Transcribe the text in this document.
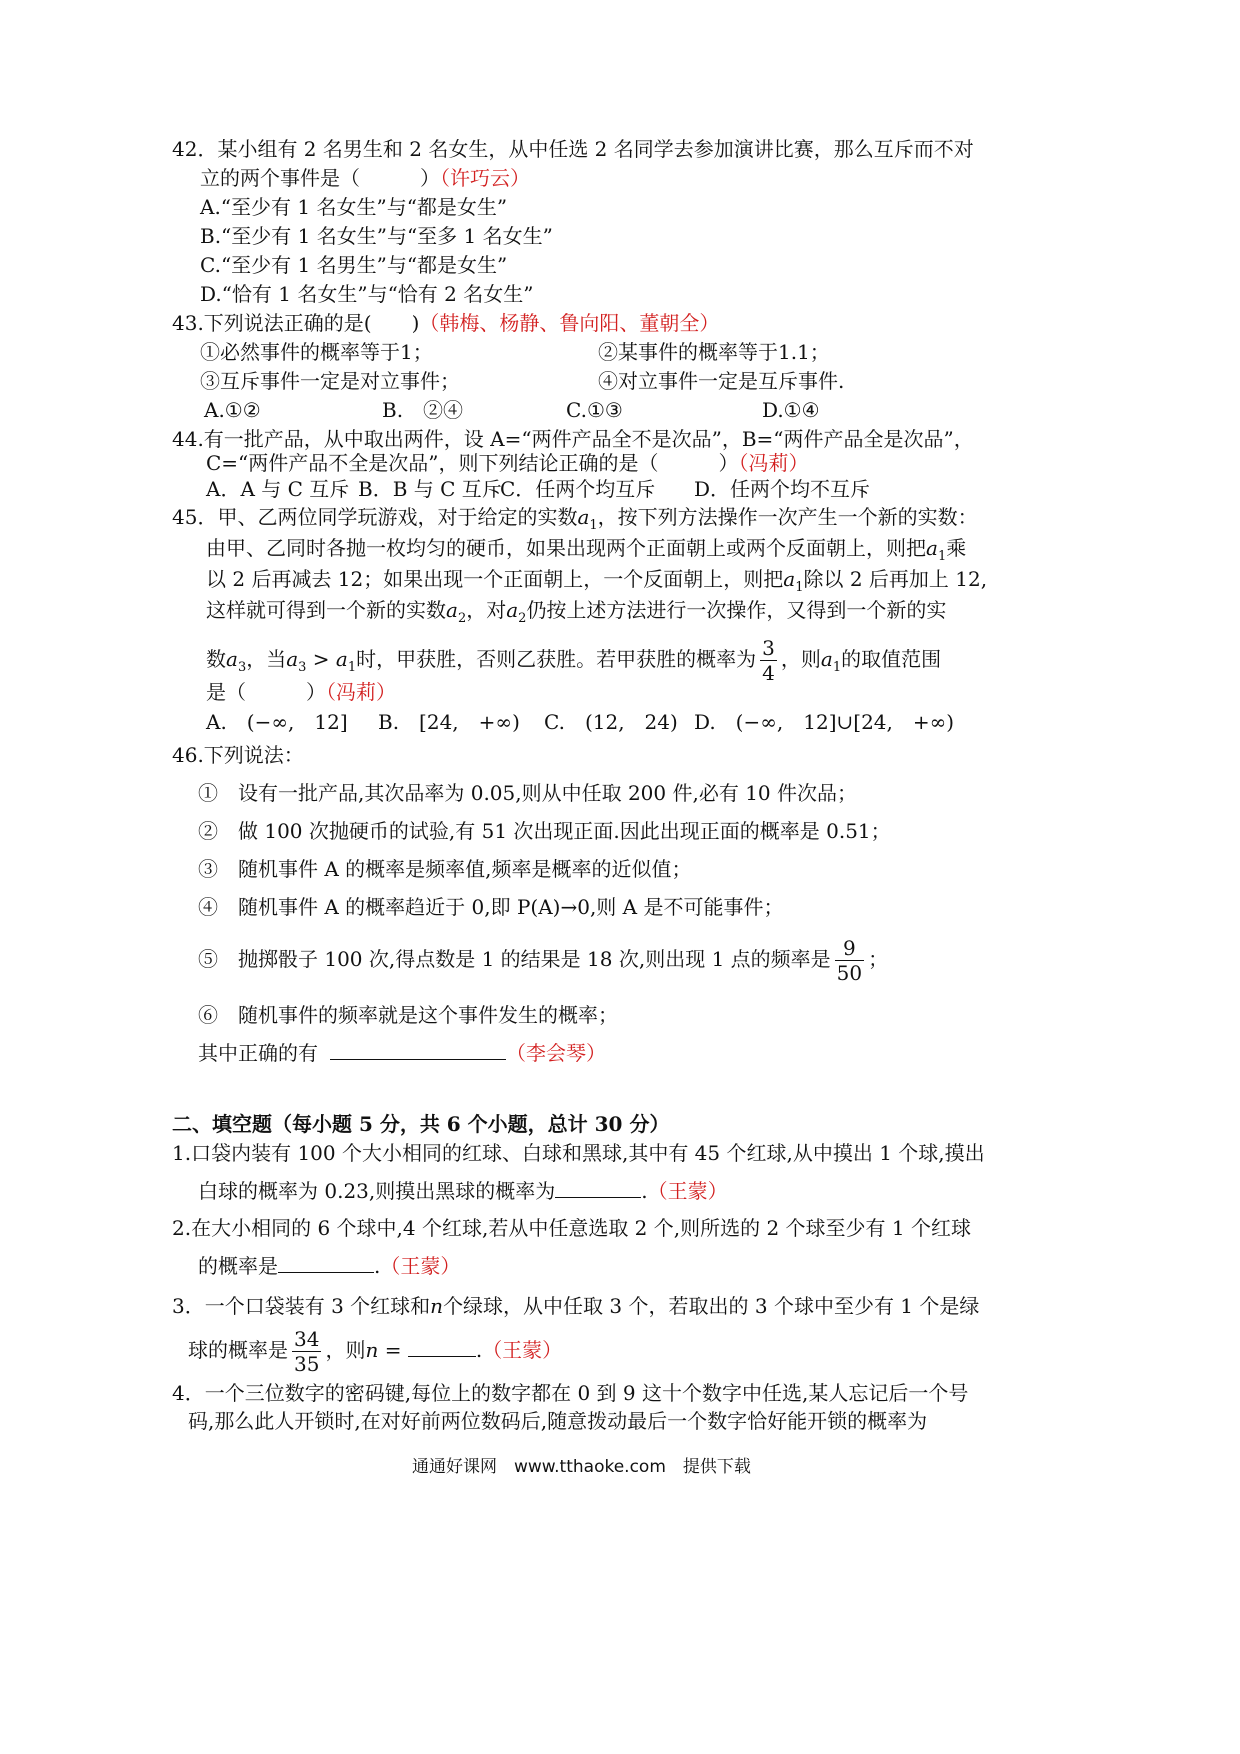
42．某小组有 2 名男生和 2 名女生，从中任选 2 名同学去参加演讲比赛，那么互斥而不对
立的两个事件是（　　　）（许巧云）
A.“至少有 1 名女生”与“都是女生”
B.“至少有 1 名女生”与“至多 1 名女生”
C.“至少有 1 名男生”与“都是女生”
D.“恰有 1 名女生”与“恰有 2 名女生”
43.下列说法正确的是(　　)（韩梅、杨静、鲁向阳、董朝全）
①必然事件的概率等于1；	②某事件的概率等于1.1；
③互斥事件一定是对立事件；	④对立事件一定是互斥事件.
A.①②	B.　②④	C.①③	D.①④
44.有一批产品，从中取出两件，设 A=“两件产品全不是次品”，B=“两件产品全是次品”，
C=“两件产品不全是次品”，则下列结论正确的是（　　　）（冯莉）
A．A 与 C 互斥 B．B 与 C 互斥
C．任两个均互斥 D．任两个均不互斥
45．甲、乙两位同学玩游戏，对于给定的实数$a_1$，按下列方法操作一次产生一个新的实数：
由甲、乙同时各抛一枚均匀的硬币，如果出现两个正面朝上或两个反面朝上，则把$a_1$乘
以 2 后再减去 12；如果出现一个正面朝上，一个反面朝上，则把$a_1$除以 2 后再加上 12,
这样就可得到一个新的实数$a_2$，对$a_2$仍按上述方法进行一次操作，又得到一个新的实
数$a_3$，当$a_3 > a_1$时，甲获胜，否则乙获胜。若甲获胜的概率为 $\frac{3}{4}$ ，则$a_1$的取值范围
是（　　　）（冯莉）
A.　(−∞,　12] B.　[24,　+∞) C.　(12,　24) D.　(−∞,　12]∪[24,　+∞)
46.下列说法：
①　设有一批产品,其次品率为 0.05,则从中任取 200 件,必有 10 件次品；
②　做 100 次抛硬币的试验,有 51 次出现正面.因此出现正面的概率是 0.51；
③　随机事件 A 的概率是频率值,频率是概率的近似值；
④　随机事件 A 的概率趋近于 0,即 P(A)→0,则 A 是不可能事件；
⑤　抛掷骰子 100 次,得点数是 1 的结果是 18 次,则出现 1 点的频率是 $\frac{9}{50}$ ；
⑥　随机事件的频率就是这个事件发生的概率；
其中正确的有	（李会琴）
二、填空题（每小题 5 分，共 6 个小题，总计 30 分）
1.口袋内装有 100 个大小相同的红球、白球和黑球,其中有 45 个红球,从中摸出 1 个球,摸出
白球的概率为 0.23,则摸出黑球的概率为	.（王蒙）
2.在大小相同的 6 个球中,4 个红球,若从中任意选取 2 个,则所选的 2 个球至少有 1 个红球
的概率是	.（王蒙）
3．一个口袋装有 3 个红球和n个绿球，从中任取 3 个，若取出的 3 个球中至少有 1 个是绿
球的概率是 $\frac{34}{35}$ ，则n =	.（王蒙）
4．一个三位数字的密码键,每位上的数字都在 0 到 9 这十个数字中任选,某人忘记后一个号
码,那么此人开锁时,在对好前两位数码后,随意拨动最后一个数字恰好能开锁的概率为
通通好课网　www.tthaoke.com　提供下载
